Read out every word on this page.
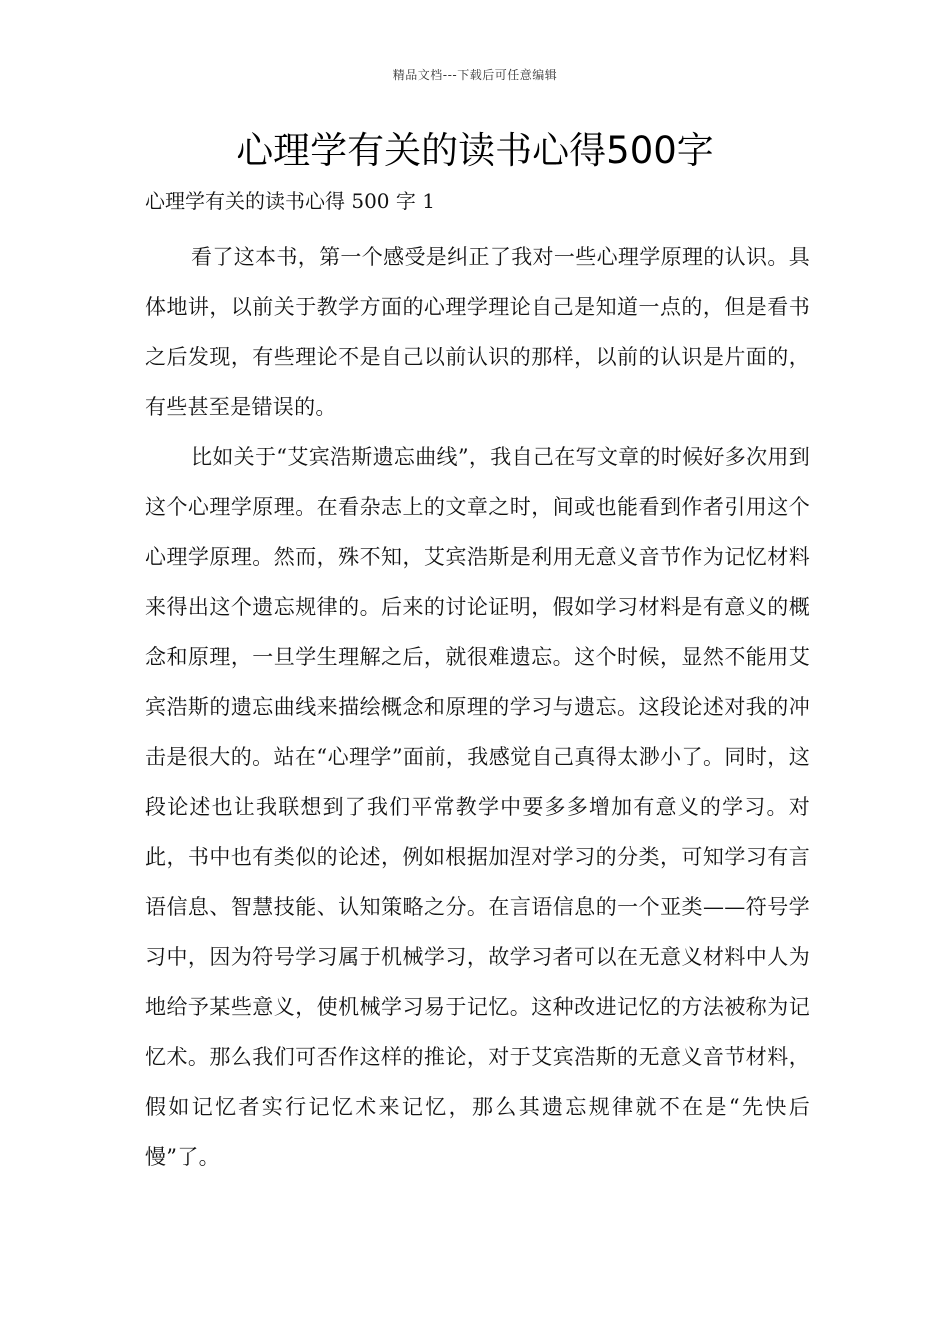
精品文档---下载后可任意编辑
心理学有关的读书心得500字
心理学有关的读书心得 500 字 1

看了这本书，第一个感受是纠正了我对一些心理学原理的认识。具体地讲，以前关于教学方面的心理学理论自己是知道一点的，但是看书之后发现，有些理论不是自己以前认识的那样，以前的认识是片面的，有些甚至是错误的。

比如关于“艾宾浩斯遗忘曲线”，我自己在写文章的时候好多次用到这个心理学原理。在看杂志上的文章之时，间或也能看到作者引用这个心理学原理。然而，殊不知，艾宾浩斯是利用无意义音节作为记忆材料来得出这个遗忘规律的。后来的讨论证明，假如学习材料是有意义的概念和原理，一旦学生理解之后，就很难遗忘。这个时候，显然不能用艾宾浩斯的遗忘曲线来描绘概念和原理的学习与遗忘。这段论述对我的冲击是很大的。站在“心理学”面前，我感觉自己真得太渺小了。同时，这段论述也让我联想到了我们平常教学中要多多增加有意义的学习。对此，书中也有类似的论述，例如根据加涅对学习的分类，可知学习有言语信息、智慧技能、认知策略之分。在言语信息的一个亚类——符号学习中，因为符号学习属于机械学习，故学习者可以在无意义材料中人为地给予某些意义，使机械学习易于记忆。这种改进记忆的方法被称为记忆术。那么我们可否作这样的推论，对于艾宾浩斯的无意义音节材料，假如记忆者实行记忆术来记忆，那么其遗忘规律就不在是“先快后慢”了。
